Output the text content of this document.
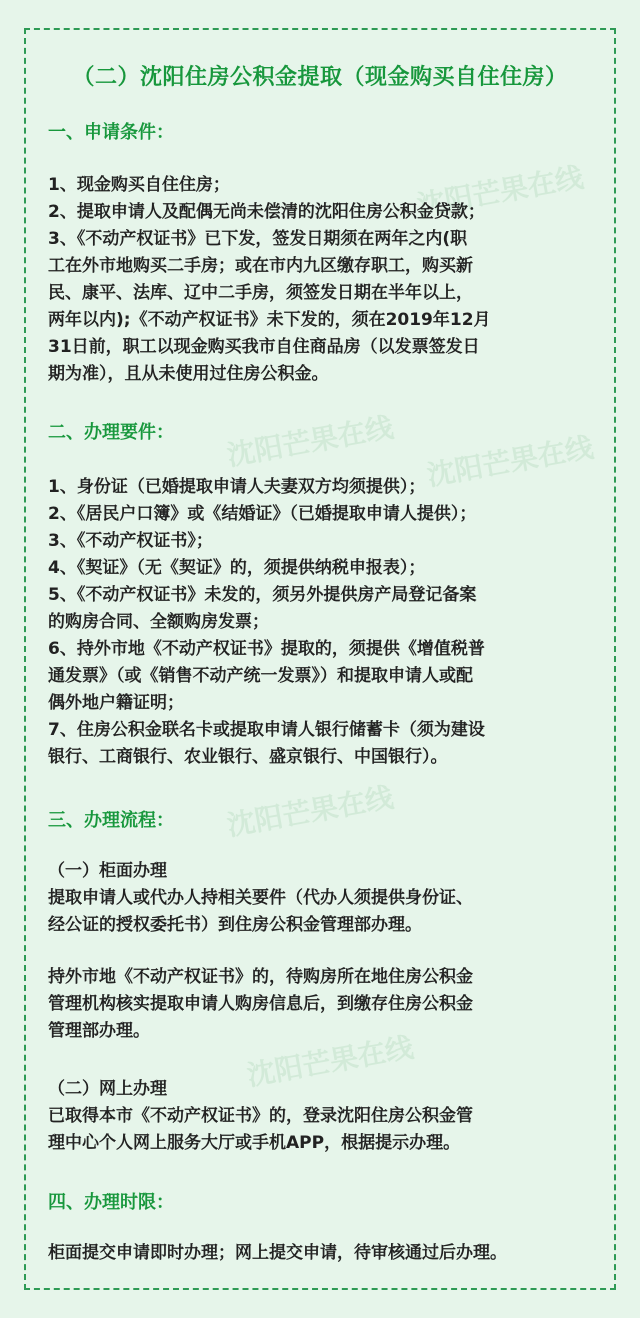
沈阳芒果在线
沈阳芒果在线 沈阳芒果在线
沈阳芒果在线
沈阳芒果在线
（二）沈阳住房公积金提取（现金购买自住住房）
一、申请条件：
1、现金购买自住住房；
2、提取申请人及配偶无尚未偿清的沈阳住房公积金贷款；
3、《不动产权证书》已下发，签发日期须在两年之内(职
工在外市地购买二手房；或在市内九区缴存职工，购买新
民、康平、法库、辽中二手房，须签发日期在半年以上，
两年以内);《不动产权证书》未下发的，须在2019年12月
31日前，职工以现金购买我市自住商品房（以发票签发日
期为准），且从未使用过住房公积金。
二、办理要件：
1、身份证（已婚提取申请人夫妻双方均须提供）；
2、《居民户口簿》或《结婚证》（已婚提取申请人提供）；
3、《不动产权证书》；
4、《契证》（无《契证》的，须提供纳税申报表）；
5、《不动产权证书》未发的，须另外提供房产局登记备案
的购房合同、全额购房发票；
6、持外市地《不动产权证书》提取的，须提供《增值税普
通发票》（或《销售不动产统一发票》）和提取申请人或配
偶外地户籍证明；
7、住房公积金联名卡或提取申请人银行储蓄卡（须为建设
银行、工商银行、农业银行、盛京银行、中国银行）。
三、办理流程：
（一）柜面办理
提取申请人或代办人持相关要件（代办人须提供身份证、
经公证的授权委托书）到住房公积金管理部办理。
持外市地《不动产权证书》的，待购房所在地住房公积金
管理机构核实提取申请人购房信息后，到缴存住房公积金
管理部办理。
（二）网上办理
已取得本市《不动产权证书》的，登录沈阳住房公积金管
理中心个人网上服务大厅或手机APP，根据提示办理。
四、办理时限：
柜面提交申请即时办理；网上提交申请，待审核通过后办理。
